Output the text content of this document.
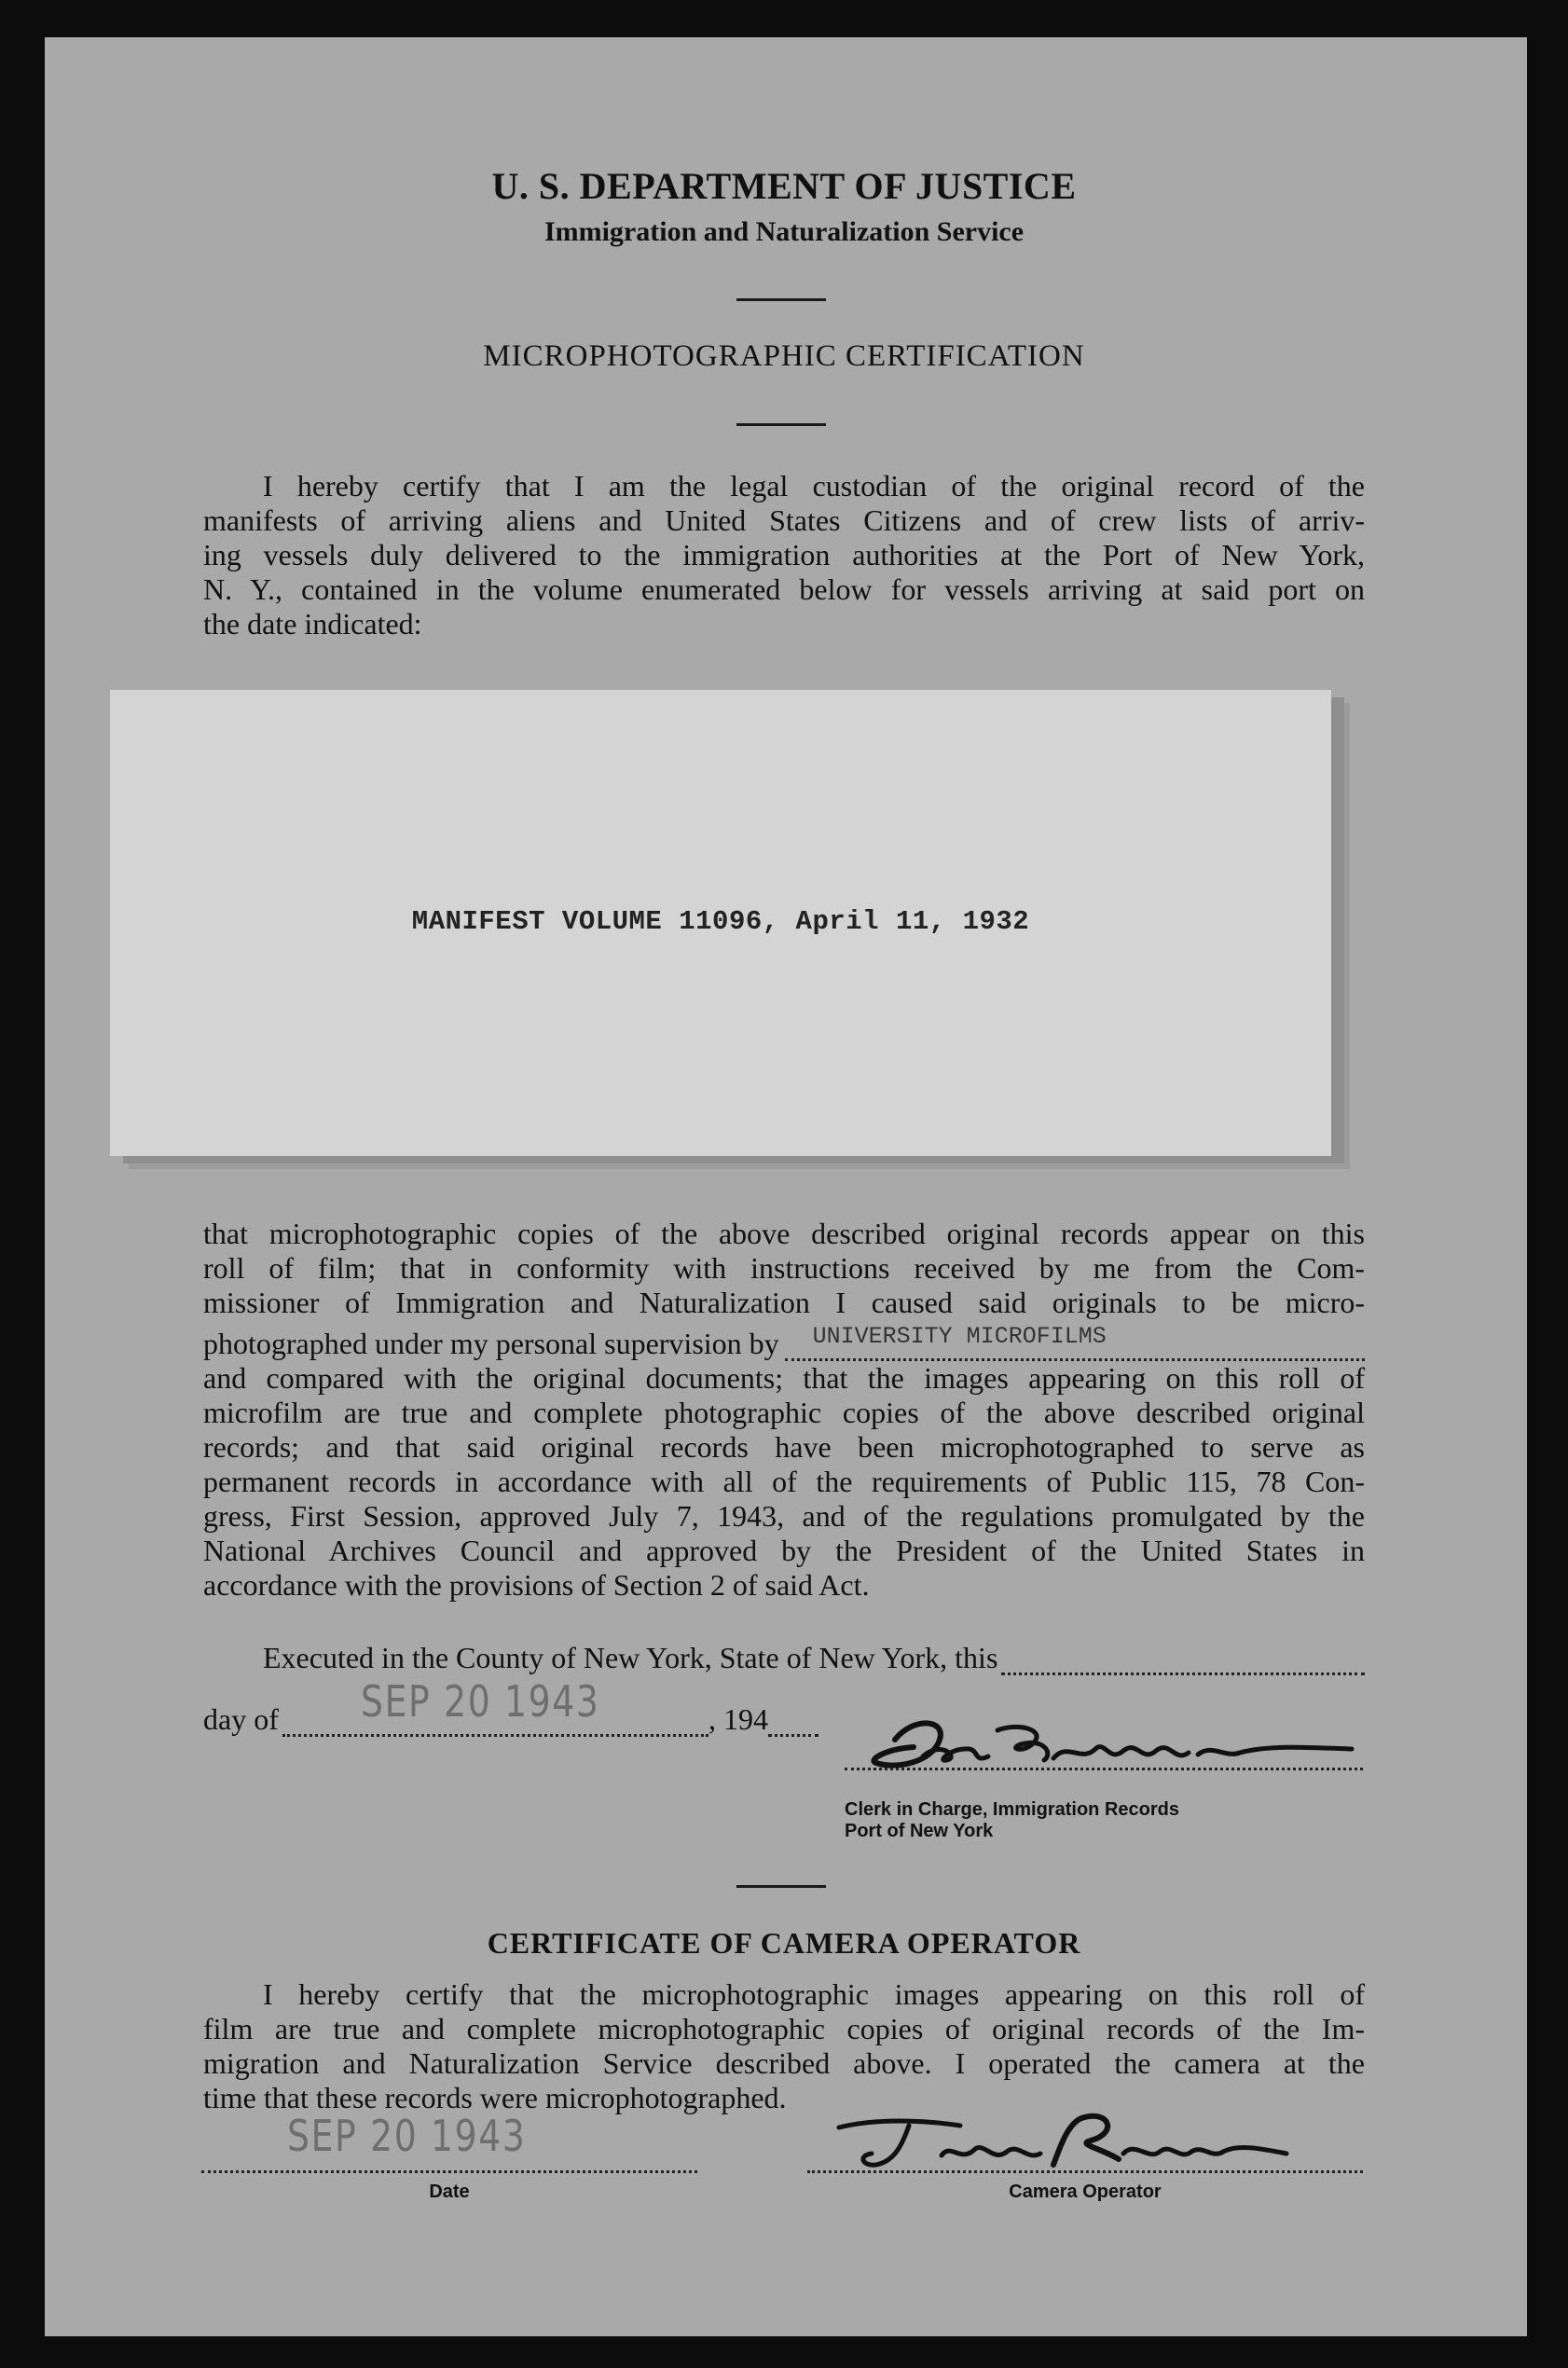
U. S. DEPARTMENT OF JUSTICE
Immigration and Naturalization Service
MICROPHOTOGRAPHIC CERTIFICATION
I hereby certify that I am the legal custodian of the original record of the
manifests of arriving aliens and United States Citizens and of crew lists of arriv-
ing vessels duly delivered to the immigration authorities at the Port of New York,
N. Y., contained in the volume enumerated below for vessels arriving at said port on
the date indicated:
MANIFEST VOLUME 11096, April 11, 1932
that microphotographic copies of the above described original records appear on this
roll of film; that in conformity with instructions received by me from the Com-
missioner of Immigration and Naturalization I caused said originals to be micro-
photographed under my personal supervision by UNIVERSITY MICROFILMS
and compared with the original documents; that the images appearing on this roll of
microfilm are true and complete photographic copies of the above described original
records; and that said original records have been microphotographed to serve as
permanent records in accordance with all of the requirements of Public 115, 78 Con-
gress, First Session, approved July 7, 1943, and of the regulations promulgated by the
National Archives Council and approved by the President of the United States in
accordance with the provisions of Section 2 of said Act.
Executed in the County of New York, State of New York, this
day of SEP 20 1943	, 194
Clerk in Charge, Immigration Records
Port of New York
CERTIFICATE OF CAMERA OPERATOR
I hereby certify that the microphotographic images appearing on this roll of
film are true and complete microphotographic copies of original records of the Im-
migration and Naturalization Service described above. I operated the camera at the
time that these records were microphotographed.
SEP 20 1943
Date	Camera Operator
